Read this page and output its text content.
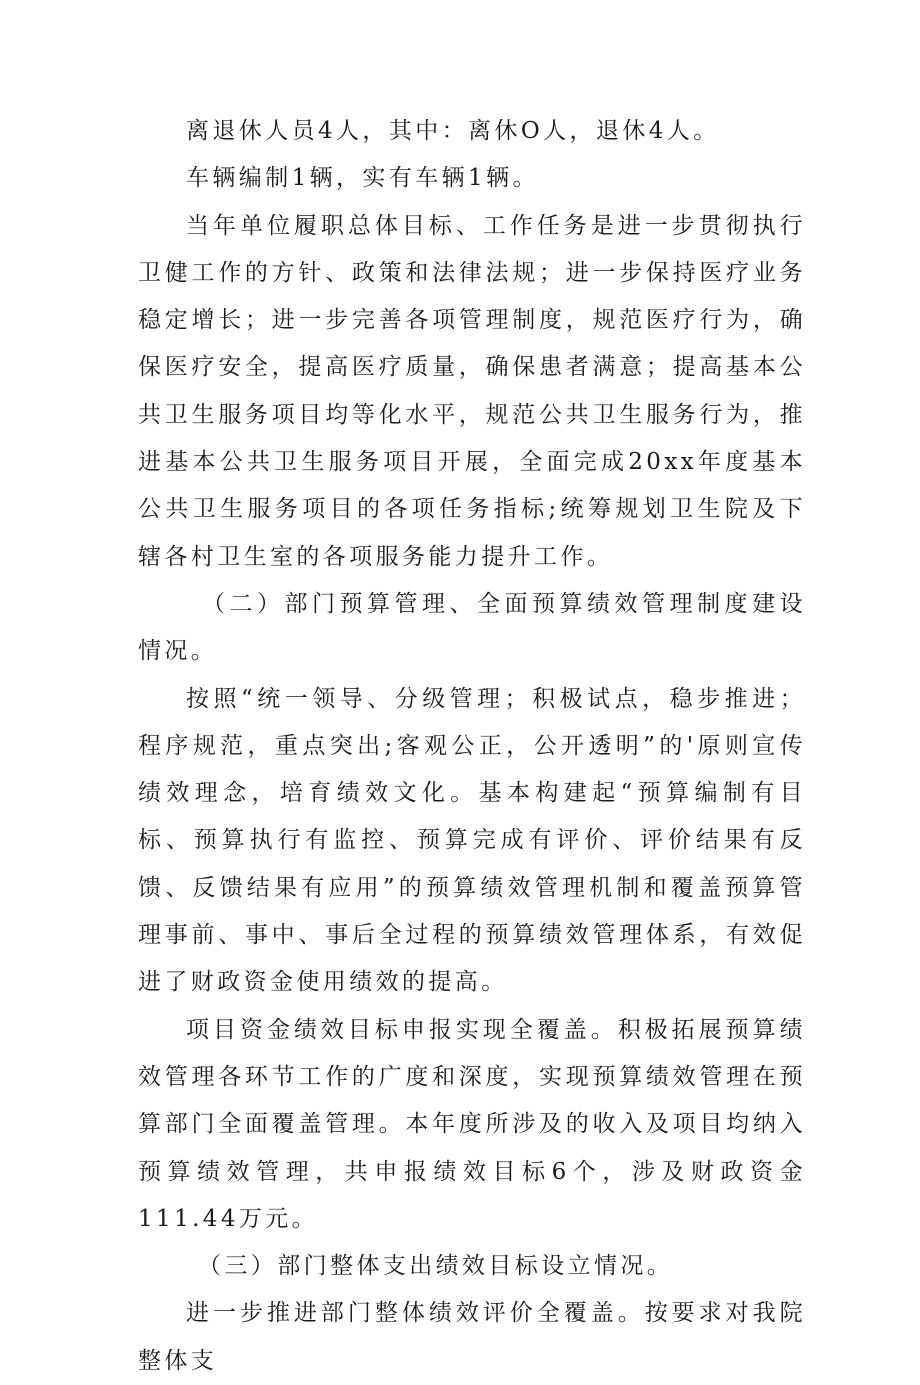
离退休人员4人，其中：离休O人，退休4人。

车辆编制1辆，实有车辆1辆。

当年单位履职总体目标、工作任务是进一步贯彻执行卫健工作的方针、政策和法律法规；进一步保持医疗业务稳定增长；进一步完善各项管理制度，规范医疗行为，确保医疗安全，提高医疗质量，确保患者满意；提高基本公共卫生服务项目均等化水平，规范公共卫生服务行为，推进基本公共卫生服务项目开展，全面完成20xx年度基本公共卫生服务项目的各项任务指标;统筹规划卫生院及下辖各村卫生室的各项服务能力提升工作。

（二）部门预算管理、全面预算绩效管理制度建设情况。

按照“统一领导、分级管理；积极试点，稳步推进；程序规范，重点突出;客观公正，公开透明”的'原则宣传绩效理念，培育绩效文化。基本构建起“预算编制有目标、预算执行有监控、预算完成有评价、评价结果有反馈、反馈结果有应用”的预算绩效管理机制和覆盖预算管理事前、事中、事后全过程的预算绩效管理体系，有效促进了财政资金使用绩效的提高。

项目资金绩效目标申报实现全覆盖。积极拓展预算绩效管理各环节工作的广度和深度，实现预算绩效管理在预算部门全面覆盖管理。本年度所涉及的收入及项目均纳入预算绩效管理，共申报绩效目标6个，涉及财政资金111.44万元。

（三）部门整体支出绩效目标设立情况。

进一步推进部门整体绩效评价全覆盖。按要求对我院整体支
